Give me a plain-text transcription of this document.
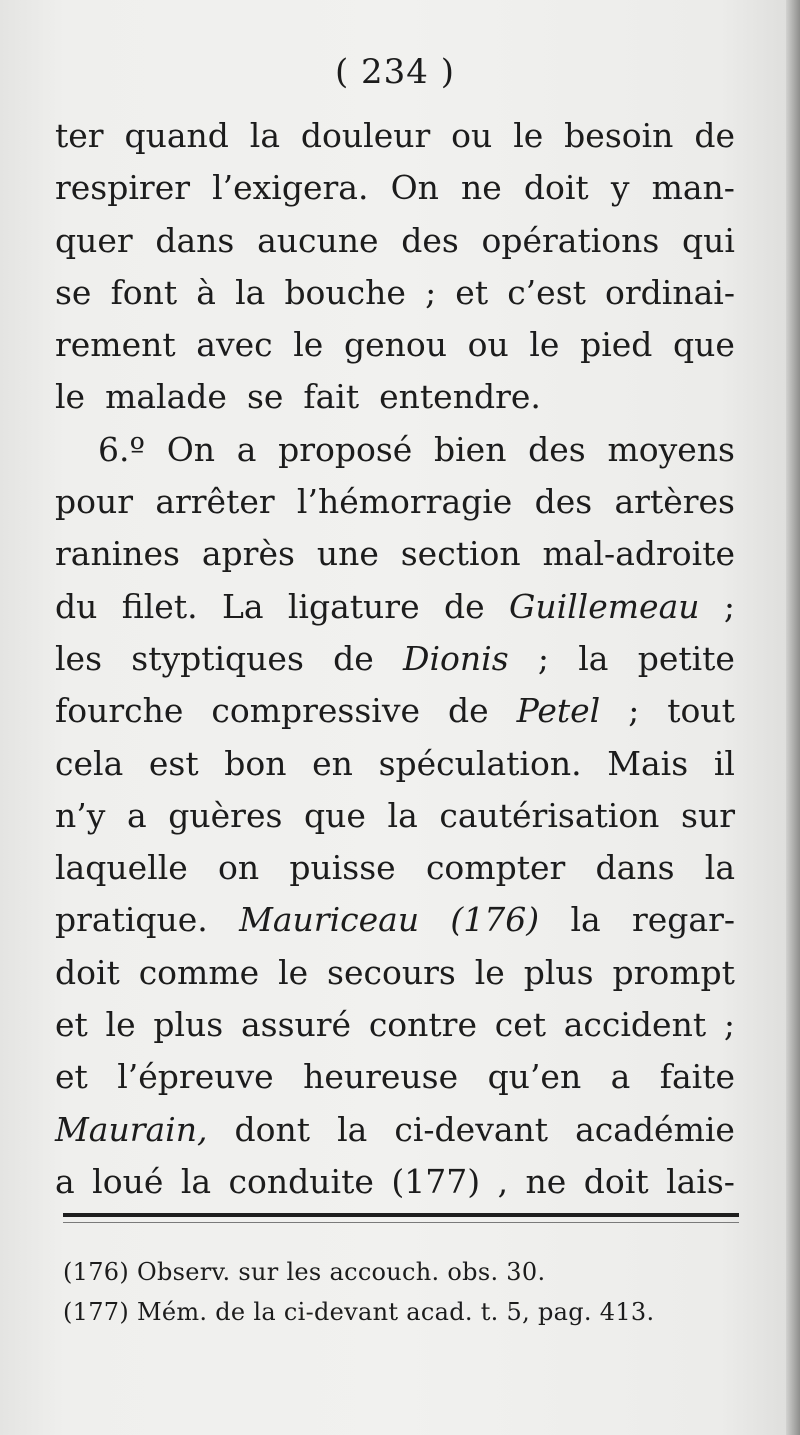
( 234 )
ter quand la douleur ou le besoin de
respirer l’exigera. On ne doit y man-
quer dans aucune des opérations qui
se font à la bouche ; et c’est ordinai-
rement avec le genou ou le pied que
le malade se fait entendre.
6.º On a proposé bien des moyens
pour arrêter l’hémorragie des artères
ranines après une section mal-adroite
du filet. La ligature de Guillemeau ;
les styptiques de Dionis ; la petite
fourche compressive de Petel ; tout
cela est bon en spéculation. Mais il
n’y a guères que la cautérisation sur
laquelle on puisse compter dans la
pratique. Mauriceau (176) la regar-
doit comme le secours le plus prompt
et le plus assuré contre cet accident ;
et l’épreuve heureuse qu’en a faite
Maurain, dont la ci-devant académie
a loué la conduite (177) , ne doit lais-
(176) Observ. sur les accouch. obs. 30.
(177) Mém. de la ci-devant acad. t. 5, pag. 413.
